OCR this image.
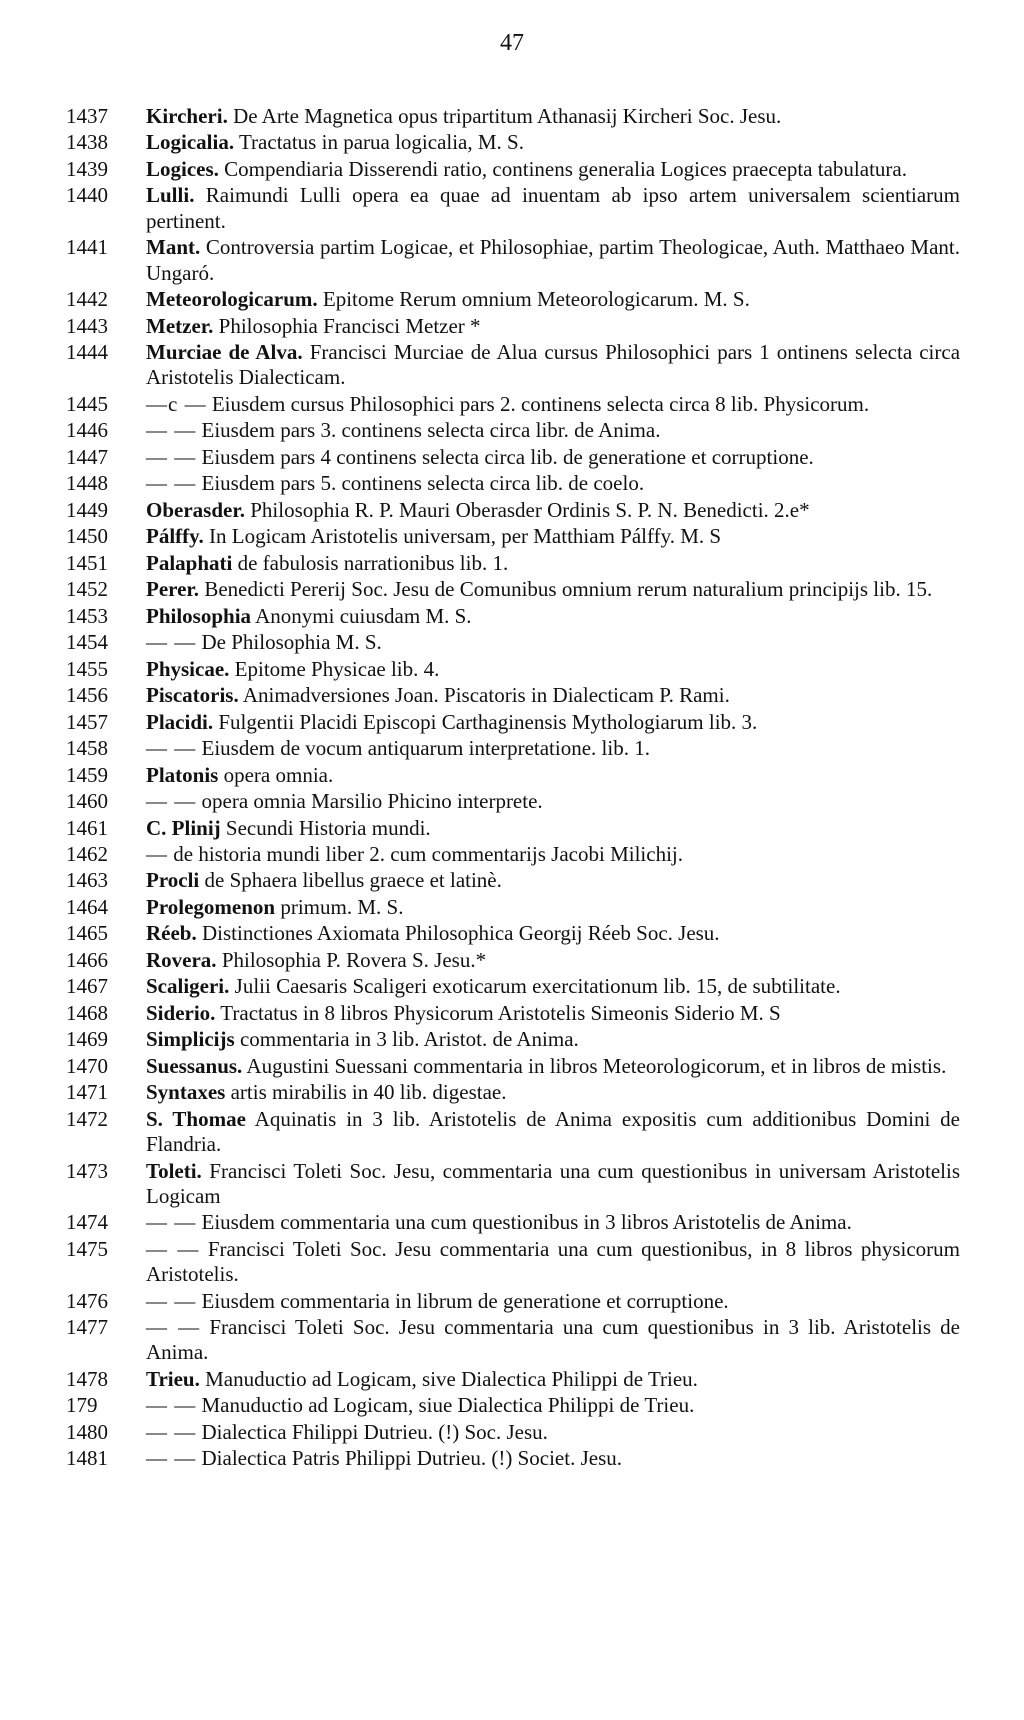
47
1437	Kircheri. De Arte Magnetica opus tripartitum Athanasij Kircheri Soc. Jesu.
1438	Logicalia. Tractatus in parua logicalia, M. S.
1439	Logices. Compendiaria Disserendi ratio, continens generalia Logices praecepta tabulatura.
1440	Lulli. Raimundi Lulli opera ea quae ad inuentam ab ipso artem universalem scientiarum pertinent.
1441	Mant. Controversia partim Logicae, et Philosophiae, partim Theologicae, Auth. Matthaeo Mant. Ungaró.
1442	Meteorologicarum. Epitome Rerum omnium Meteorologicarum. M. S.
1443	Metzer. Philosophia Francisci Metzer *
1444	Murciae de Alva. Francisci Murciae de Alua cursus Philosophici pars 1 ontinens selecta circa Aristotelis Dialecticam.
1445	—c — Eiusdem cursus Philosophici pars 2. continens selecta circa 8 lib. Physicorum.
1446	— — Eiusdem pars 3. continens selecta circa libr. de Anima.
1447	— — Eiusdem pars 4 continens selecta circa lib. de generatione et corruptione.
1448	— — Eiusdem pars 5. continens selecta circa lib. de coelo.
1449	Oberasder. Philosophia R. P. Mauri Oberasder Ordinis S. P. N. Benedicti. 2.e*
1450	Pálffy. In Logicam Aristotelis universam, per Matthiam Pálffy. M. S
1451	Palaphati de fabulosis narrationibus lib. 1.
1452	Perer. Benedicti Pererij Soc. Jesu de Comunibus omnium rerum naturalium principijs lib. 15.
1453	Philosophia Anonymi cuiusdam M. S.
1454	— — De Philosophia M. S.
1455	Physicae. Epitome Physicae lib. 4.
1456	Piscatoris. Animadversiones Joan. Piscatoris in Dialecticam P. Rami.
1457	Placidi. Fulgentii Placidi Episcopi Carthaginensis Mythologiarum lib. 3.
1458	— — Eiusdem de vocum antiquarum interpretatione. lib. 1.
1459	Platonis opera omnia.
1460	— — opera omnia Marsilio Phicino interprete.
1461	C. Plinij Secundi Historia mundi.
1462	— de historia mundi liber 2. cum commentarijs Jacobi Milichij.
1463	Procli de Sphaera libellus graece et latinè.
1464	Prolegomenon primum. M. S.
1465	Réeb. Distinctiones Axiomata Philosophica Georgij Réeb Soc. Jesu.
1466	Rovera. Philosophia P. Rovera S. Jesu.*
1467	Scaligeri. Julii Caesaris Scaligeri exoticarum exercitationum lib. 15, de subtilitate.
1468	Siderio. Tractatus in 8 libros Physicorum Aristotelis Simeonis Siderio M. S
1469	Simplicijs commentaria in 3 lib. Aristot. de Anima.
1470	Suessanus. Augustini Suessani commentaria in libros Meteorologicorum, et in libros de mistis.
1471	Syntaxes artis mirabilis in 40 lib. digestae.
1472	S. Thomae Aquinatis in 3 lib. Aristotelis de Anima expositis cum additionibus Domini de Flandria.
1473	Toleti. Francisci Toleti Soc. Jesu, commentaria una cum questionibus in universam Aristotelis Logicam
1474	— — Eiusdem commentaria una cum questionibus in 3 libros Aristotelis de Anima.
1475	— — Francisci Toleti Soc. Jesu commentaria una cum questionibus, in 8 libros physicorum Aristotelis.
1476	— — Eiusdem commentaria in librum de generatione et corruptione.
1477	— — Francisci Toleti Soc. Jesu commentaria una cum questionibus in 3 lib. Aristotelis de Anima.
1478	Trieu. Manuductio ad Logicam, sive Dialectica Philippi de Trieu.
179	— — Manuductio ad Logicam, siue Dialectica Philippi de Trieu.
1480	— — Dialectica Fhilippi Dutrieu. (!) Soc. Jesu.
1481	— — Dialectica Patris Philippi Dutrieu. (!) Societ. Jesu.
